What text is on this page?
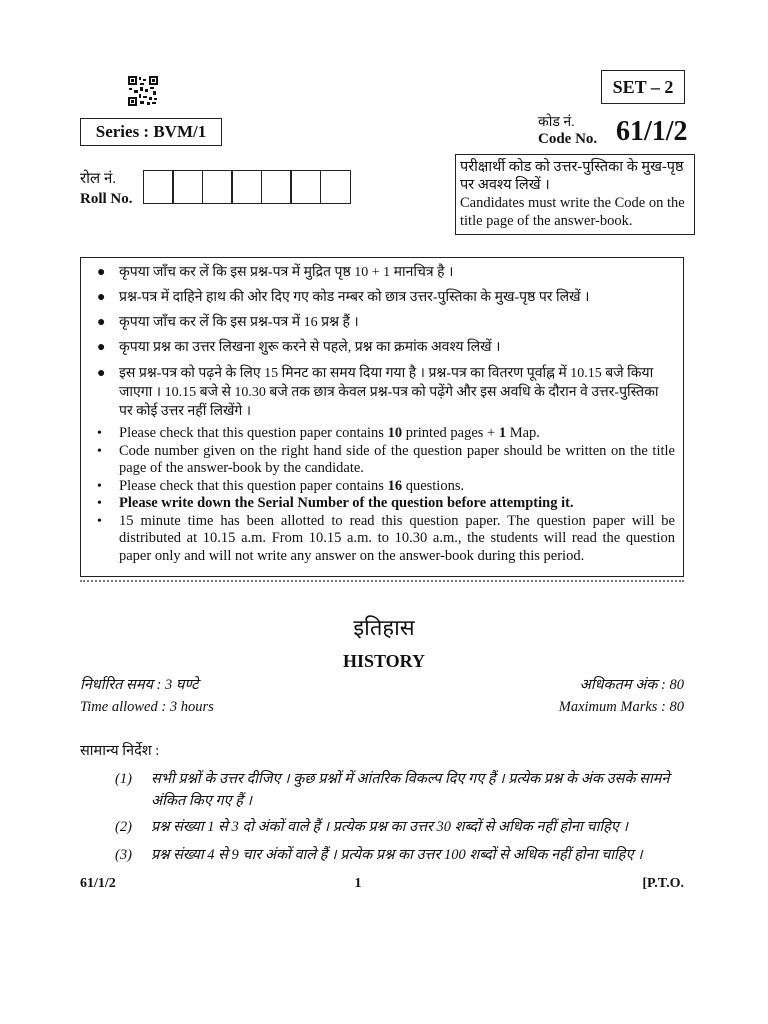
SET – 2
Series : BVM/1	कोड नं.
Code No. 61/1/2
रोल नं.
Roll No.
परीक्षार्थी कोड को उत्तर-पुस्तिका के मुख-पृष्ठ पर अवश्य लिखें ।
Candidates must write the Code on the title page of the answer-book.
● कृपया जाँच कर लें कि इस प्रश्न-पत्र में मुद्रित पृष्ठ 10 + 1 मानचित्र है ।
● प्रश्न-पत्र में दाहिने हाथ की ओर दिए गए कोड नम्बर को छात्र उत्तर-पुस्तिका के मुख-पृष्ठ पर लिखें ।
● कृपया जाँच कर लें कि इस प्रश्न-पत्र में 16 प्रश्न हैं ।
● कृपया प्रश्न का उत्तर लिखना शुरू करने से पहले, प्रश्न का क्रमांक अवश्य लिखें ।
● इस प्रश्न-पत्र को पढ़ने के लिए 15 मिनट का समय दिया गया है । प्रश्न-पत्र का वितरण पूर्वाह्न में 10.15 बजे किया जाएगा । 10.15 बजे से 10.30 बजे तक छात्र केवल प्रश्न-पत्र को पढ़ेंगे और इस अवधि के दौरान वे उत्तर-पुस्तिका पर कोई उत्तर नहीं लिखेंगे ।
• Please check that this question paper contains 10 printed pages + 1 Map.
• Code number given on the right hand side of the question paper should be written on the title page of the answer-book by the candidate.
• Please check that this question paper contains 16 questions.
• Please write down the Serial Number of the question before attempting it.
• 15 minute time has been allotted to read this question paper. The question paper will be distributed at 10.15 a.m. From 10.15 a.m. to 10.30 a.m., the students will read the question paper only and will not write any answer on the answer-book during this period.
इतिहास
HISTORY
निर्धारित समय : 3 घण्टे	अधिकतम अंक : 80
Time allowed : 3 hours	Maximum Marks : 80
सामान्य निर्देश :
(1) सभी प्रश्नों के उत्तर दीजिए । कुछ प्रश्नों में आंतरिक विकल्प दिए गए हैं । प्रत्येक प्रश्न के अंक उसके सामने अंकित किए गए हैं ।
(2) प्रश्न संख्या 1 से 3 दो अंकों वाले हैं । प्रत्येक प्रश्न का उत्तर 30 शब्दों से अधिक नहीं होना चाहिए ।
(3) प्रश्न संख्या 4 से 9 चार अंकों वाले हैं । प्रत्येक प्रश्न का उत्तर 100 शब्दों से अधिक नहीं होना चाहिए ।
61/1/2	1	[P.T.O.
